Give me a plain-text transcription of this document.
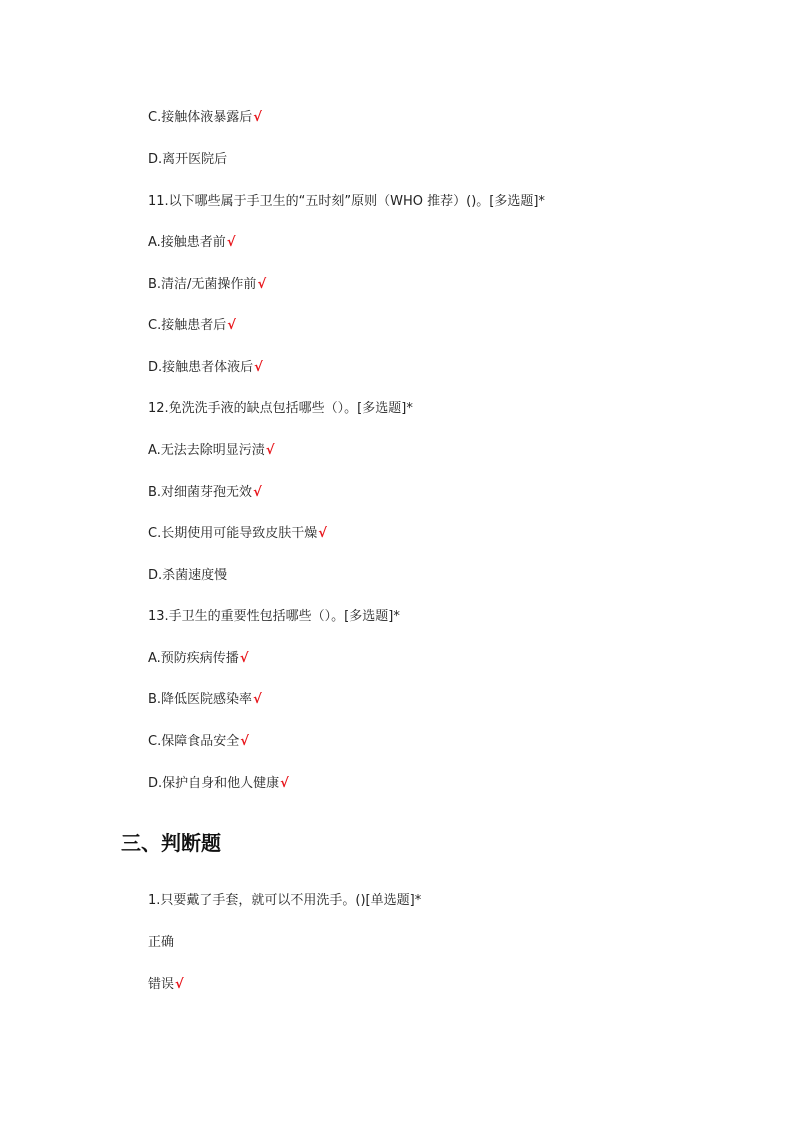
C.接触体液暴露后√
D.离开医院后
11.以下哪些属于手卫生的“五时刻”原则（WHO 推荐）()。[多选题]*
A.接触患者前√
B.清洁/无菌操作前√
C.接触患者后√
D.接触患者体液后√
12.免洗洗手液的缺点包括哪些（）。[多选题]*
A.无法去除明显污渍√
B.对细菌芽孢无效√
C.长期使用可能导致皮肤干燥√
D.杀菌速度慢
13.手卫生的重要性包括哪些（）。[多选题]*
A.预防疾病传播√
B.降低医院感染率√
C.保障食品安全√
D.保护自身和他人健康√
三、判断题
1.只要戴了手套，就可以不用洗手。()[单选题]*
正确
错误√
